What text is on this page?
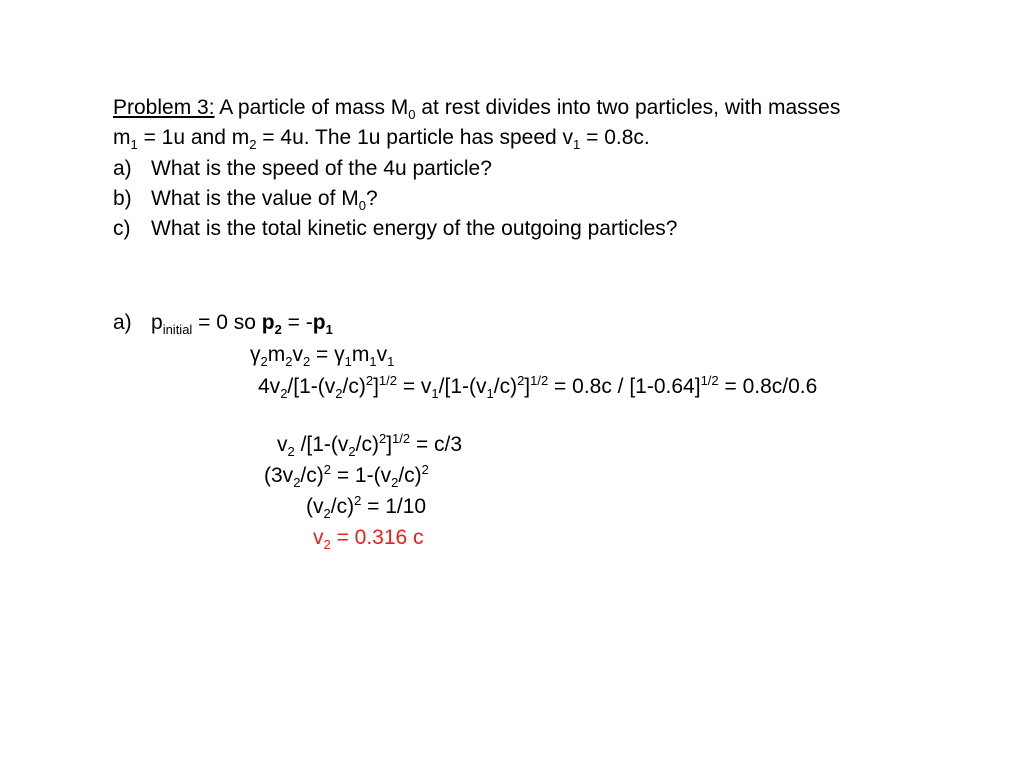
Problem 3: A particle of mass $M_0$ at rest divides into two particles, with masses
$m_1 = 1u$ and $m_2 = 4u$. The 1u particle has speed $v_1 = 0.8c$.
a) What is the speed of the 4u particle?
b) What is the value of $M_0$?
c) What is the total kinetic energy of the outgoing particles?
a) $p_{initial} = 0$ so $p_2 = -p_1$
$\gamma_2m_2v_2 = \gamma_1m_1v_1$
$4v_2/[1-(v_2/c)^2]^{1/2} = v_1/[1-(v_1/c)^2]^{1/2} = 0.8c / [1-0.64]^{1/2} = 0.8c/0.6$
$v_2$ $/[1-(v_2/c)^2]^{1/2} = c/3$
$(3v_2/c)^2 = 1-(v_2/c)^2$
$(v_2/c)^2 = 1/10$
$v_2 = 0.316$ c
